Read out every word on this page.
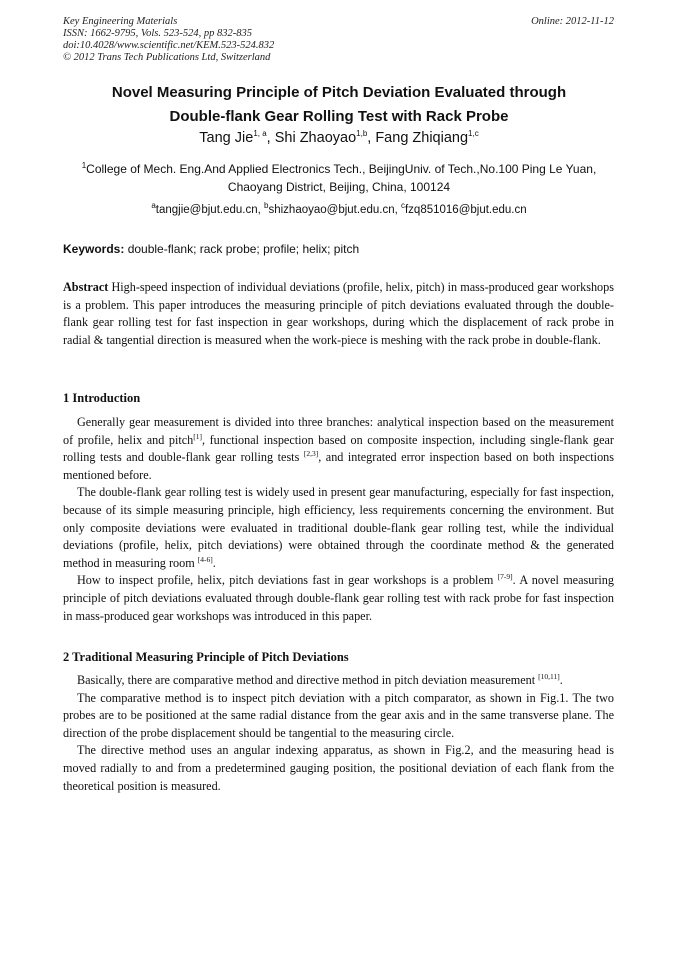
Key Engineering Materials
ISSN: 1662-9795, Vols. 523-524, pp 832-835
doi:10.4028/www.scientific.net/KEM.523-524.832
© 2012 Trans Tech Publications Ltd, Switzerland
Online: 2012-11-12
Novel Measuring Principle of Pitch Deviation Evaluated through
Double-flank Gear Rolling Test with Rack Probe
Tang Jie$^{1, a}$, Shi Zhaoyao$^{1,b}$, Fang Zhiqiang$^{1,c}$
$^1$College of Mech. Eng.And Applied Electronics Tech., BeijingUniv. of Tech.,No.100 Ping Le Yuan,
Chaoyang District, Beijing, China, 100124
$^a$tangjie@bjut.edu.cn, $^b$shizhaoyao@bjut.edu.cn, $^c$fzq851016@bjut.edu.cn
Keywords: double-flank; rack probe; profile; helix; pitch

Abstract High-speed inspection of individual deviations (profile, helix, pitch) in mass-produced gear workshops is a problem. This paper introduces the measuring principle of pitch deviations evaluated through the double-flank gear rolling test for fast inspection in gear workshops, during which the displacement of rack probe in radial & tangential direction is measured when the work-piece is meshing with the rack probe in double-flank.

1 Introduction

Generally gear measurement is divided into three branches: analytical inspection based on the measurement of profile, helix and pitch[1], functional inspection based on composite inspection, including single-flank gear rolling tests and double-flank gear rolling tests [2,3], and integrated error inspection based on both inspections mentioned before.

The double-flank gear rolling test is widely used in present gear manufacturing, especially for fast inspection, because of its simple measuring principle, high efficiency, less requirements concerning the environment. But only composite deviations were evaluated in traditional double-flank gear rolling test, while the individual deviations (profile, helix, pitch deviations) were obtained through the coordinate method & the generated method in measuring room [4-6].

How to inspect profile, helix, pitch deviations fast in gear workshops is a problem [7-9]. A novel measuring principle of pitch deviations evaluated through double-flank gear rolling test with rack probe for fast inspection in mass-produced gear workshops was introduced in this paper.

2 Traditional Measuring Principle of Pitch Deviations

Basically, there are comparative method and directive method in pitch deviation measurement [10,11].

The comparative method is to inspect pitch deviation with a pitch comparator, as shown in Fig.1. The two probes are to be positioned at the same radial distance from the gear axis and in the same transverse plane. The direction of the probe displacement should be tangential to the measuring circle.

The directive method uses an angular indexing apparatus, as shown in Fig.2, and the measuring head is moved radially to and from a predetermined gauging position, the positional deviation of each flank from the theoretical position is measured.
